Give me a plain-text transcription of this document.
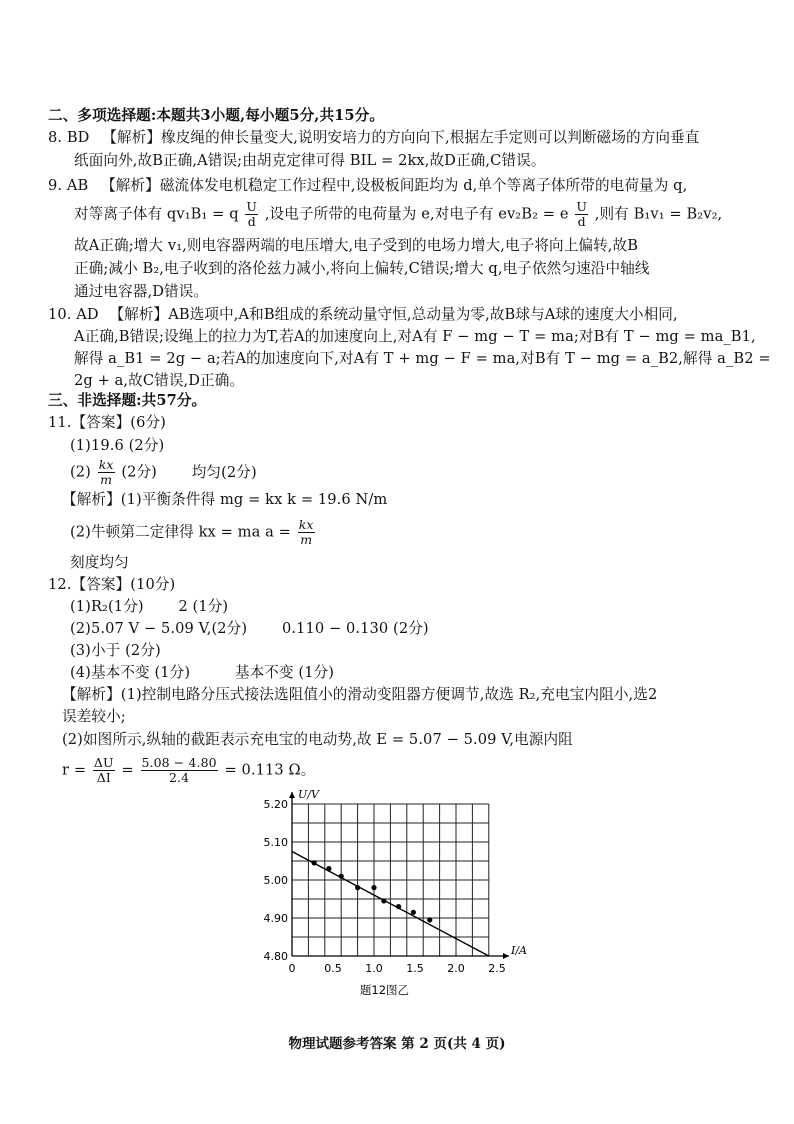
二、多项选择题:本题共3小题,每小题5分,共15分。
8. BD 【解析】橡皮绳的伸长量变大,说明安培力的方向向下,根据左手定则可以判断磁场的方向垂直
纸面向外,故B正确,A错误;由胡克定律可得 BIL = 2kx,故D正确,C错误。
9. AB 【解析】磁流体发电机稳定工作过程中,设极板间距均为 d,单个等离子体所带的电荷量为 q,
对等离子体有 qv₁B₁ = q $\frac{U}{d}$ ,设电子所带的电荷量为 e,对电子有 ev₂B₂ = e $\frac{U}{d}$ ,则有 B₁v₁ = B₂v₂,
故A正确;增大 v₁,则电容器两端的电压增大,电子受到的电场力增大,电子将向上偏转,故B
正确;减小 B₂,电子收到的洛伦兹力减小,将向上偏转,C错误;增大 q,电子依然匀速沿中轴线
通过电容器,D错误。
10. AD 【解析】AB选项中,A和B组成的系统动量守恒,总动量为零,故B球与A球的速度大小相同,
A正确,B错误;设绳上的拉力为T,若A的加速度向上,对A有 F − mg − T = ma;对B有 T − mg = ma_B1,
解得 a_B1 = 2g − a;若A的加速度向下,对A有 T + mg − F = ma,对B有 T − mg = a_B2,解得 a_B2 =
2g + a,故C错误,D正确。
三、非选择题:共57分。
11.【答案】(6分)
(1)19.6 (2分)
$(2) \frac{kx}{m} (2$分) 均匀(2分)
【解析】(1)平衡条件得 mg = kx k = 19.6 N/m
(2)牛顿第二定律得 kx = ma $a = \frac{kx}{m}$
刻度均匀
12.【答案】(10分)
(1)R₂(1分) 2 (1分)
(2)5.07 V − 5.09 V,(2分) 0.110 − 0.130 (2分)
(3)小于 (2分)
(4)基本不变 (1分)	基本不变 (1分)
【解析】(1)控制电路分压式接法选阻值小的滑动变阻器方便调节,故选 R₂,充电宝内阻小,选2
误差较小;
(2)如图所示,纵轴的截距表示充电宝的电动势,故 E = 5.07 − 5.09 V,电源内阻
$r = \frac{\Delta U}{\Delta I} = \frac{5.08 - 4.80}{2.4} = 0.113$ Ω。
0	0.5 1.0 1.5 2.0 2.5
4.80
4.90
5.00
5.10
5.20
I/A
U/V
题12图乙
物理试题参考答案 第 2 页(共 4 页)
